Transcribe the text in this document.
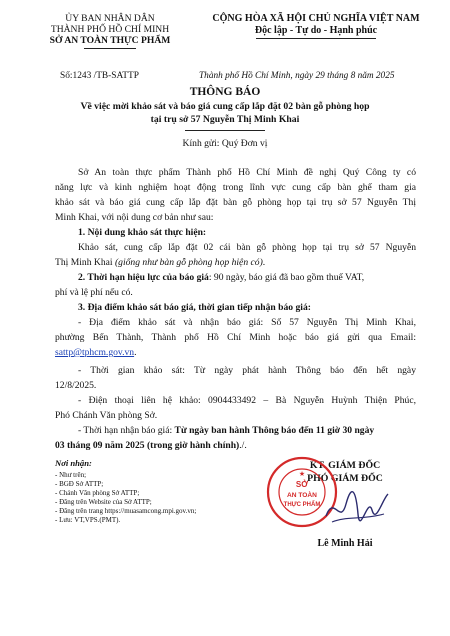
ỦY BAN NHÂN DÂN
THÀNH PHỐ HỒ CHÍ MINH
SỞ AN TOÀN THỰC PHẨM
Số:1243 /TB-SATTP
CỘNG HÒA XÃ HỘI CHỦ NGHĨA VIỆT NAM
Độc lập - Tự do - Hạnh phúc
Thành phố Hồ Chí Minh, ngày 29 tháng 8 năm 2025
THÔNG BÁO
Về việc mời khảo sát và báo giá cung cấp lắp đặt 02 bàn gỗ phòng họp
tại trụ sở 57 Nguyễn Thị Minh Khai
Kính gửi: Quý Đơn vị
Sở An toàn thực phẩm Thành phố Hồ Chí Minh đề nghị Quý Công ty có
năng lực và kinh nghiệm hoạt động trong lĩnh vực cung cấp bàn ghế tham gia
khảo sát và báo giá cung cấp lắp đặt bàn gỗ phòng họp tại trụ sở 57 Nguyễn Thị
Minh Khai, với nội dung cơ bản như sau:
1. Nội dung khảo sát thực hiện:
Khảo sát, cung cấp lắp đặt 02 cái bàn gỗ phòng họp tại trụ sở 57 Nguyễn
Thị Minh Khai (giống như bàn gỗ phòng họp hiện có).
2. Thời hạn hiệu lực của báo giá: 90 ngày, báo giá đã bao gồm thuế VAT,
phí và lệ phí nếu có.
3. Địa điểm khảo sát báo giá, thời gian tiếp nhận báo giá:
- Địa điểm khảo sát và nhận báo giá: Số 57 Nguyễn Thị Minh Khai,
phường Bến Thành, Thành phố Hồ Chí Minh hoặc báo giá gửi qua Email:
sattp@tphcm.gov.vn.
- Thời gian khảo sát: Từ ngày phát hành Thông báo đến hết ngày
12/8/2025.
- Điện thoại liên hệ khảo: 0904433492 – Bà Nguyễn Huỳnh Thiện Phúc,
Phó Chánh Văn phòng Sở.
- Thời hạn nhận báo giá: Từ ngày ban hành Thông báo đến 11 giờ 30 ngày
03 tháng 09 năm 2025 (trong giờ hành chính)./.
Nơi nhận:
- Như trên;
- BGĐ Sở ATTP;
- Chánh Văn phòng Sở ATTP;
- Đăng trên Website của Sở ATTP;
- Đăng trên trang https://muasamcong.mpi.gov.vn;
- Lưu: VT,VPS.(PMT).
KT. GIÁM ĐỐC
PHÓ GIÁM ĐỐC
★
SỞ
AN TOÀN
THỰC PHẨM
Lê Minh Hải
